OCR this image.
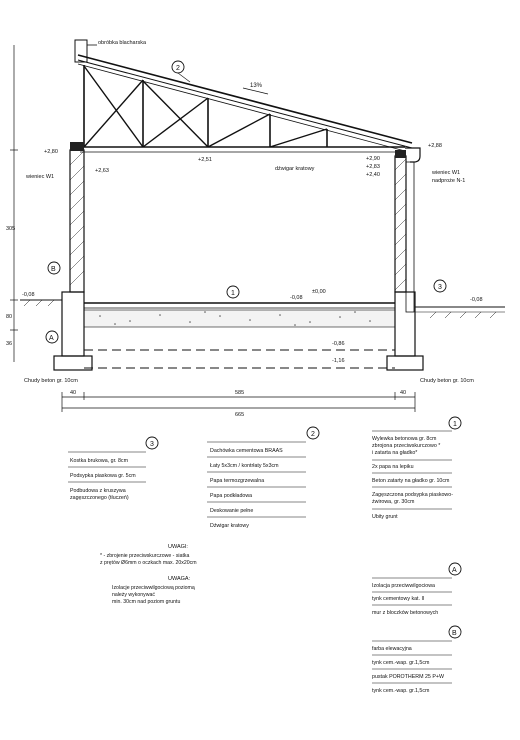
obróbka blacharska
13%
2
+2,80
+2,63
+2,51
+2,88
+2,90
+2,83
+2,40
-0,08	-0,08
±0,00
-0,08
-0,86
-1,16
dźwigar kratowy
wieniec W1
wieniec W1
nadproże N-1
Chudy beton gr. 10cm	Chudy beton gr. 10cm
1
3
B
A
305
80
36
40	585	40
665
1
Wylewka betonowa gr. 8cm
zbrojona przeciwskurczowo *
i zatarta na gładko*
2x papa na lepiku
Beton zatarty na gładko gr. 10cm
Zagęszczona podsypka piaskowo-
żwirowa, gr. 30cm
Ubity grunt
2
Dachówka cementowa BRAAS
Łaty 5x3cm / kontrłaty 5x3cm
Papa termozgrzewalna
Papa podkładowa
Deskowanie pełne
Dźwigar kratowy
3
Kostka brukowa, gr. 8cm
Podsypka piaskowa gr. 5cm
Podbudowa z kruszywa
zagęszczonego (tłuczeń)
UWAGI:
* - zbrojenie przeciwskurczowe - siatka
z prętów Ø6mm o oczkach max. 20x20cm
UWAGA:
Izolacje przeciwwilgociową poziomą
należy wykonywać
min. 30cm nad poziom gruntu
A
Izolacja przeciwwilgociowa
tynk cementowy kat. II
mur z bloczków betonowych
B
farba elewacyjna
tynk cem.-wap. gr.1,5cm
pustak POROTHERM 25 P+W
tynk cem.-wap. gr.1,5cm
